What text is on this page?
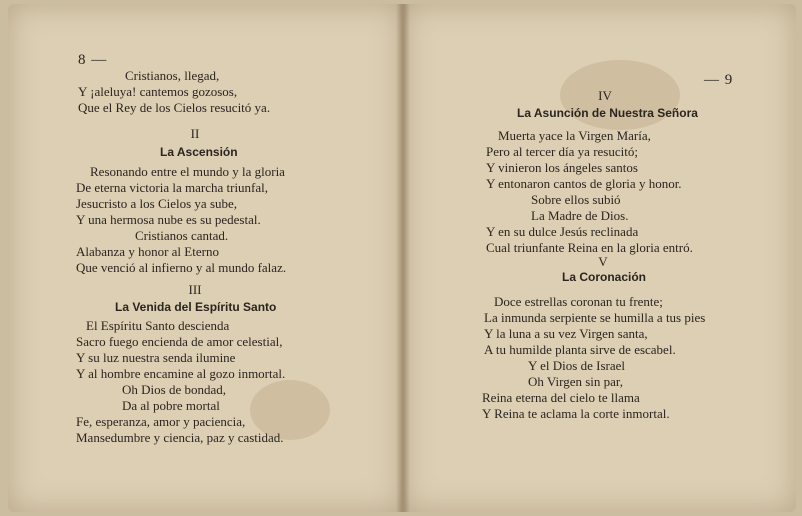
8 —
Cristianos, llegad,
Y ¡aleluya! cantemos gozosos,
Que el Rey de los Cielos resucitó ya.
II
La Ascensión
Resonando entre el mundo y la gloria
De eterna victoria la marcha triunfal,
Jesucristo a los Cielos ya sube,
Y una hermosa nube es su pedestal.
Cristianos cantad.
Alabanza y honor al Eterno
Que venció al infierno y al mundo falaz.
III
La Venida del Espíritu Santo
El Espíritu Santo descienda
Sacro fuego encienda de amor celestial,
Y su luz nuestra senda ilumine
Y al hombre encamine al gozo inmortal.
Oh Dios de bondad,
Da al pobre mortal
Fe, esperanza, amor y paciencia,
Mansedumbre y ciencia, paz y castidad.
— 9
IV
La Asunción de Nuestra Señora
Muerta yace la Virgen María,
Pero al tercer día ya resucitó;
Y vinieron los ángeles santos
Y entonaron cantos de gloria y honor.
Sobre ellos subió
La Madre de Dios.
Y en su dulce Jesús reclinada
Cual triunfante Reina en la gloria entró.
V
La Coronación
Doce estrellas coronan tu frente;
La inmunda serpiente se humilla a tus pies
Y la luna a su vez Virgen santa,
A tu humilde planta sirve de escabel.
Y el Dios de Israel
Oh Virgen sin par,
Reina eterna del cielo te llama
Y Reina te aclama la corte inmortal.
